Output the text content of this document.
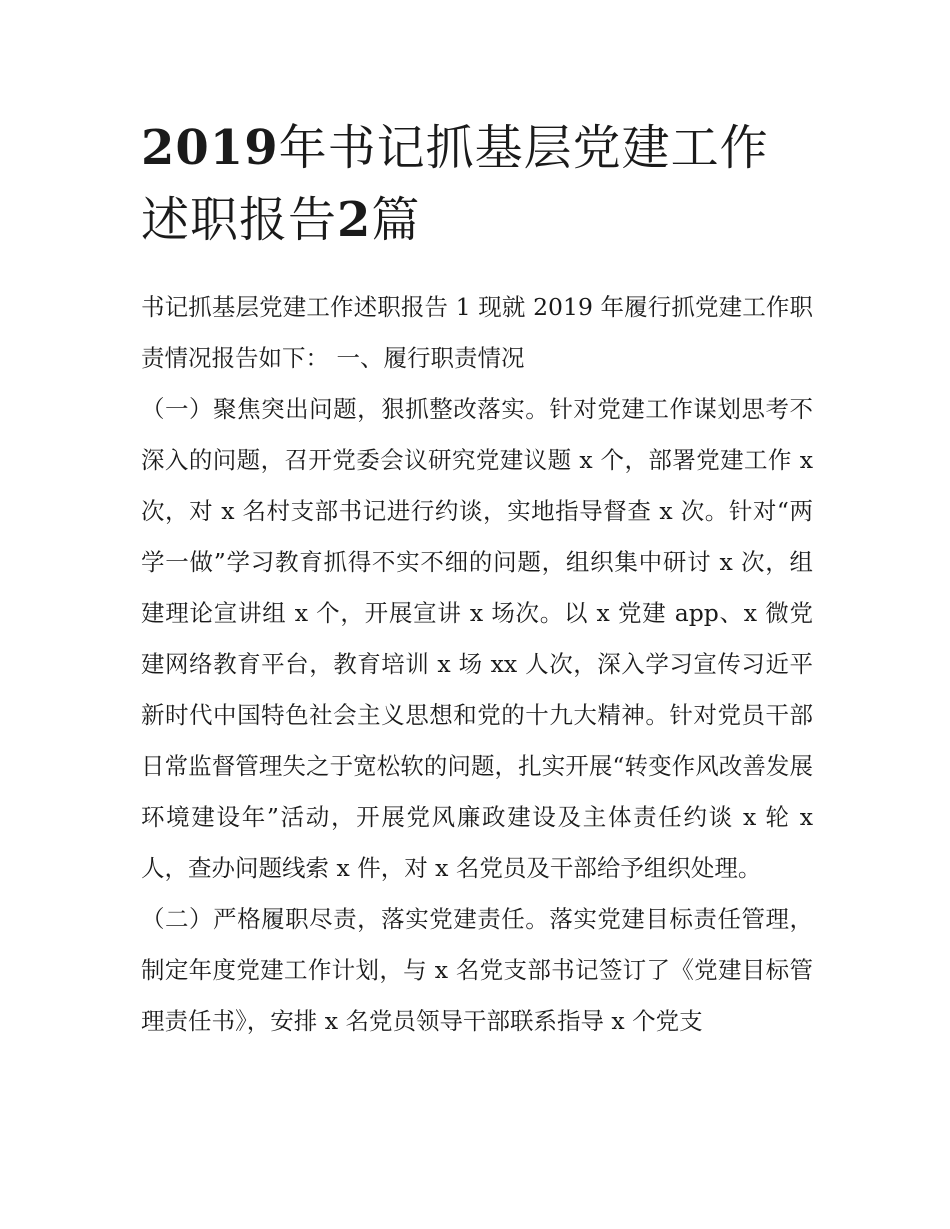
2019年书记抓基层党建工作述职报告2篇

书记抓基层党建工作述职报告 1 现就 2019 年履行抓党建工作职责情况报告如下： 一、履行职责情况

（一）聚焦突出问题，狠抓整改落实。针对党建工作谋划思考不深入的问题，召开党委会议研究党建议题 x 个，部署党建工作 x 次，对 x 名村支部书记进行约谈，实地指导督查 x 次。针对“两学一做”学习教育抓得不实不细的问题，组织集中研讨 x 次，组建理论宣讲组 x 个，开展宣讲 x 场次。以 x 党建 app、x 微党建网络教育平台，教育培训 x 场 xx 人次，深入学习宣传习近平新时代中国特色社会主义思想和党的十九大精神。针对党员干部日常监督管理失之于宽松软的问题，扎实开展“转变作风改善发展环境建设年”活动，开展党风廉政建设及主体责任约谈 x 轮 x 人，查办问题线索 x 件，对 x 名党员及干部给予组织处理。

（二）严格履职尽责，落实党建责任。落实党建目标责任管理，制定年度党建工作计划，与 x 名党支部书记签订了《党建目标管理责任书》，安排 x 名党员领导干部联系指导 x 个党支
